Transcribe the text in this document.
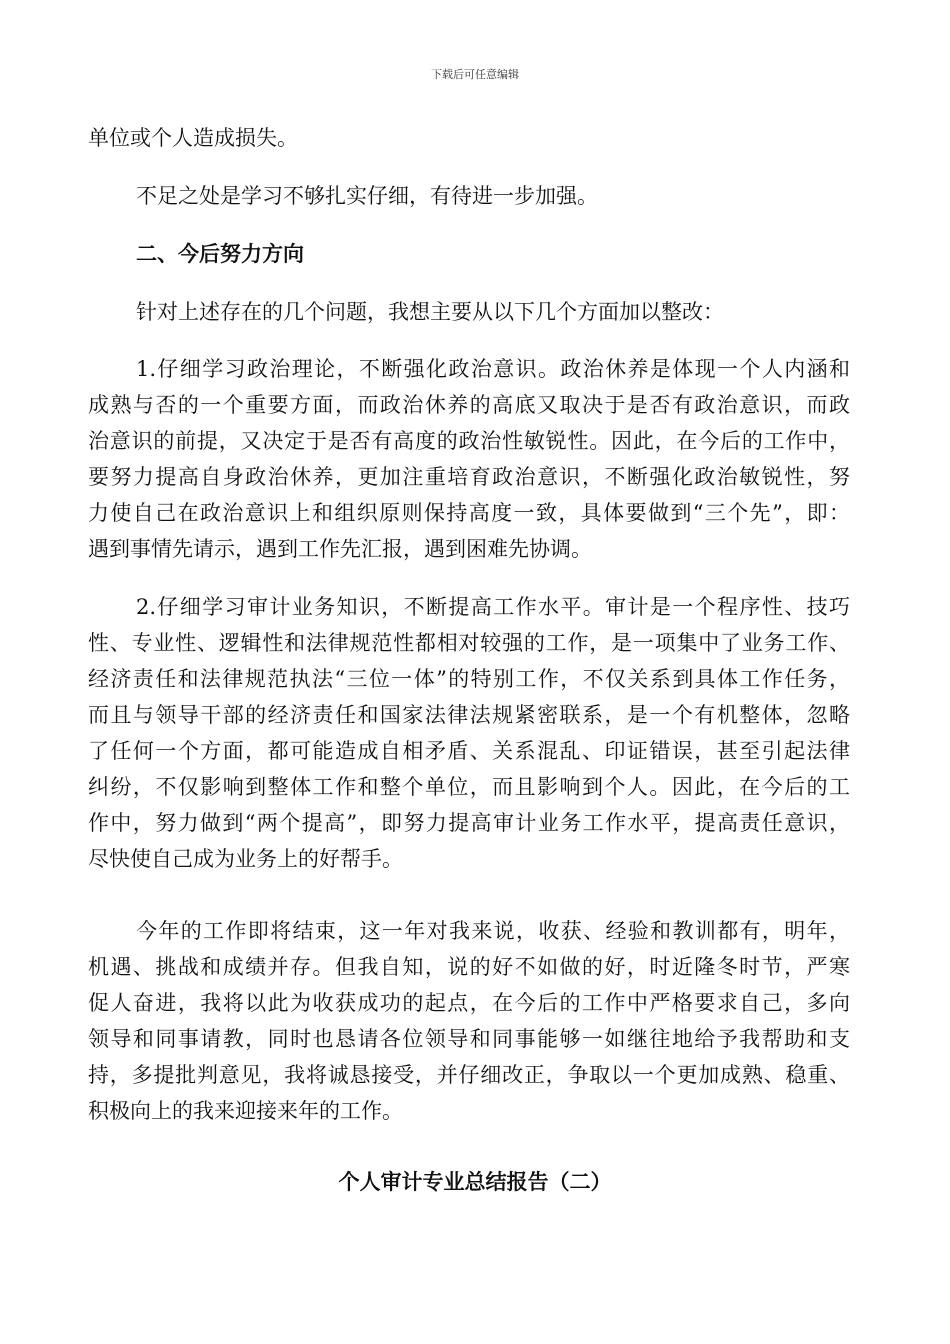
下载后可任意编辑
单位或个人造成损失。
不足之处是学习不够扎实仔细，有待进一步加强。
二、今后努力方向
针对上述存在的几个问题，我想主要从以下几个方面加以整改：
1.仔细学习政治理论，不断强化政治意识。政治休养是体现一个人内涵和
成熟与否的一个重要方面，而政治休养的高底又取决于是否有政治意识，而政
治意识的前提，又决定于是否有高度的政治性敏锐性。因此，在今后的工作中，
要努力提高自身政治休养，更加注重培育政治意识，不断强化政治敏锐性，努
力使自己在政治意识上和组织原则保持高度一致，具体要做到“三个先”，即：
遇到事情先请示，遇到工作先汇报，遇到困难先协调。
2.仔细学习审计业务知识，不断提高工作水平。审计是一个程序性、技巧
性、专业性、逻辑性和法律规范性都相对较强的工作，是一项集中了业务工作、
经济责任和法律规范执法“三位一体”的特别工作，不仅关系到具体工作任务，
而且与领导干部的经济责任和国家法律法规紧密联系，是一个有机整体，忽略
了任何一个方面，都可能造成自相矛盾、关系混乱、印证错误，甚至引起法律
纠纷，不仅影响到整体工作和整个单位，而且影响到个人。因此，在今后的工
作中，努力做到“两个提高”，即努力提高审计业务工作水平，提高责任意识，
尽快使自己成为业务上的好帮手。
今年的工作即将结束，这一年对我来说，收获、经验和教训都有，明年，
机遇、挑战和成绩并存。但我自知，说的好不如做的好，时近隆冬时节，严寒
促人奋进，我将以此为收获成功的起点，在今后的工作中严格要求自己，多向
领导和同事请教，同时也恳请各位领导和同事能够一如继往地给予我帮助和支
持，多提批判意见，我将诚恳接受，并仔细改正，争取以一个更加成熟、稳重、
积极向上的我来迎接来年的工作。
个人审计专业总结报告（二）
